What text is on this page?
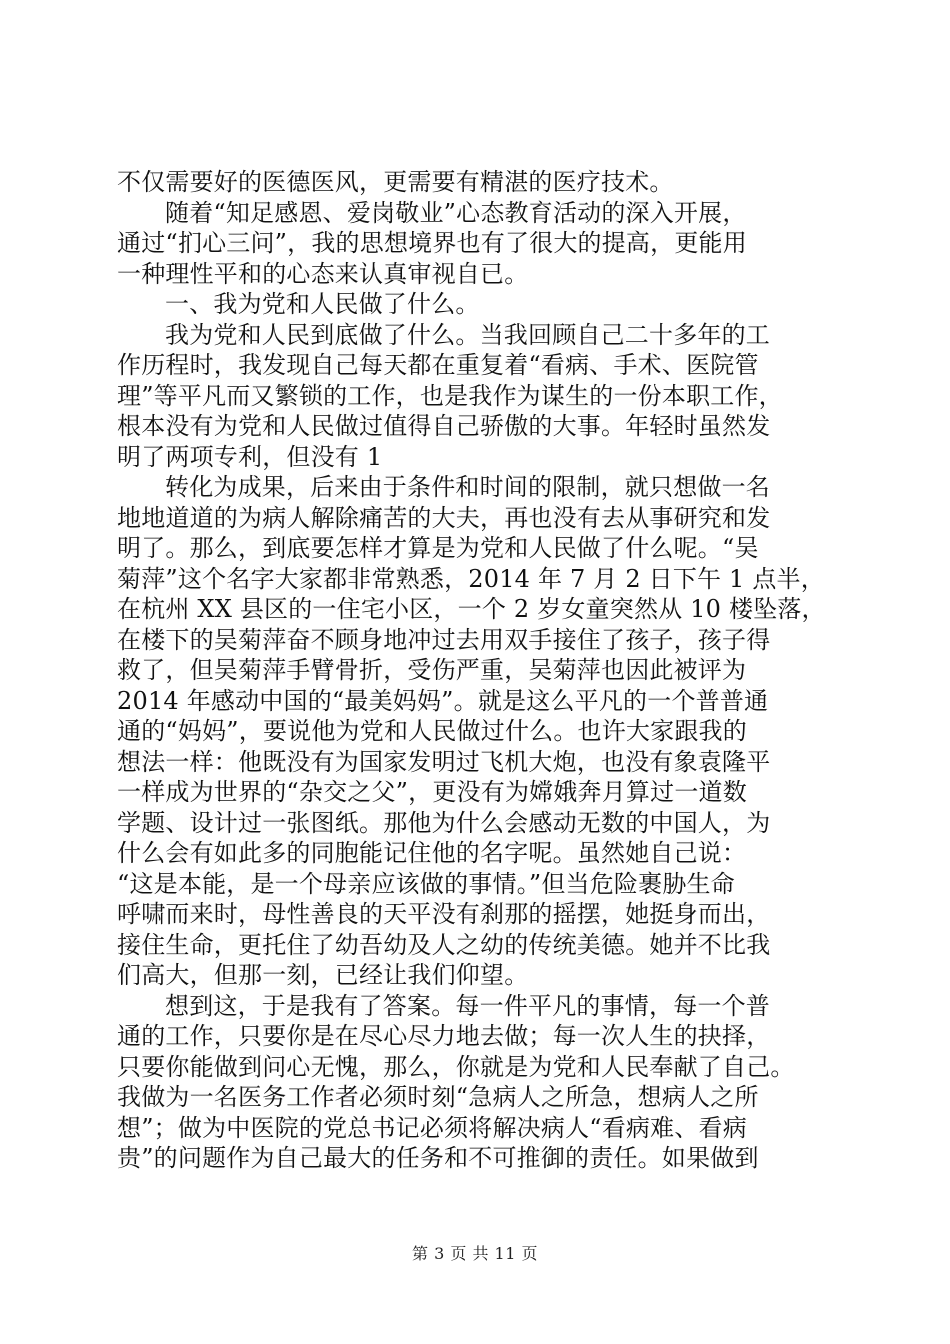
不仅需要好的医德医风，更需要有精湛的医疗技术。
随着“知足感恩、爱岗敬业”心态教育活动的深入开展，
通过“扪心三问”，我的思想境界也有了很大的提高，更能用
一种理性平和的心态来认真审视自已。
一、我为党和人民做了什么。
我为党和人民到底做了什么。当我回顾自己二十多年的工
作历程时，我发现自己每天都在重复着“看病、手术、医院管
理”等平凡而又繁锁的工作，也是我作为谋生的一份本职工作，
根本没有为党和人民做过值得自己骄傲的大事。年轻时虽然发
明了两项专利，但没有 1
转化为成果，后来由于条件和时间的限制，就只想做一名
地地道道的为病人解除痛苦的大夫，再也没有去从事研究和发
明了。那么，到底要怎样才算是为党和人民做了什么呢。“吴
菊萍”这个名字大家都非常熟悉，2014 年 7 月 2 日下午 1 点半，
在杭州 XX 县区的一住宅小区，一个 2 岁女童突然从 10 楼坠落，
在楼下的吴菊萍奋不顾身地冲过去用双手接住了孩子，孩子得
救了，但吴菊萍手臂骨折，受伤严重，吴菊萍也因此被评为
2014 年感动中国的“最美妈妈”。就是这么平凡的一个普普通
通的“妈妈”，要说他为党和人民做过什么。也许大家跟我的
想法一样：他既没有为国家发明过飞机大炮，也没有象袁隆平
一样成为世界的“杂交之父”，更没有为嫦娥奔月算过一道数
学题、设计过一张图纸。那他为什么会感动无数的中国人，为
什么会有如此多的同胞能记住他的名字呢。虽然她自己说：
“这是本能，是一个母亲应该做的事情。”但当危险裹胁生命
呼啸而来时，母性善良的天平没有刹那的摇摆，她挺身而出，
接住生命，更托住了幼吾幼及人之幼的传统美德。她并不比我
们高大，但那一刻，已经让我们仰望。
想到这，于是我有了答案。每一件平凡的事情，每一个普
通的工作，只要你是在尽心尽力地去做；每一次人生的抉择，
只要你能做到问心无愧，那么，你就是为党和人民奉献了自己。
我做为一名医务工作者必须时刻“急病人之所急，想病人之所
想”；做为中医院的党总书记必须将解决病人“看病难、看病
贵”的问题作为自己最大的任务和不可推御的责任。如果做到
第 3 页 共 11 页
